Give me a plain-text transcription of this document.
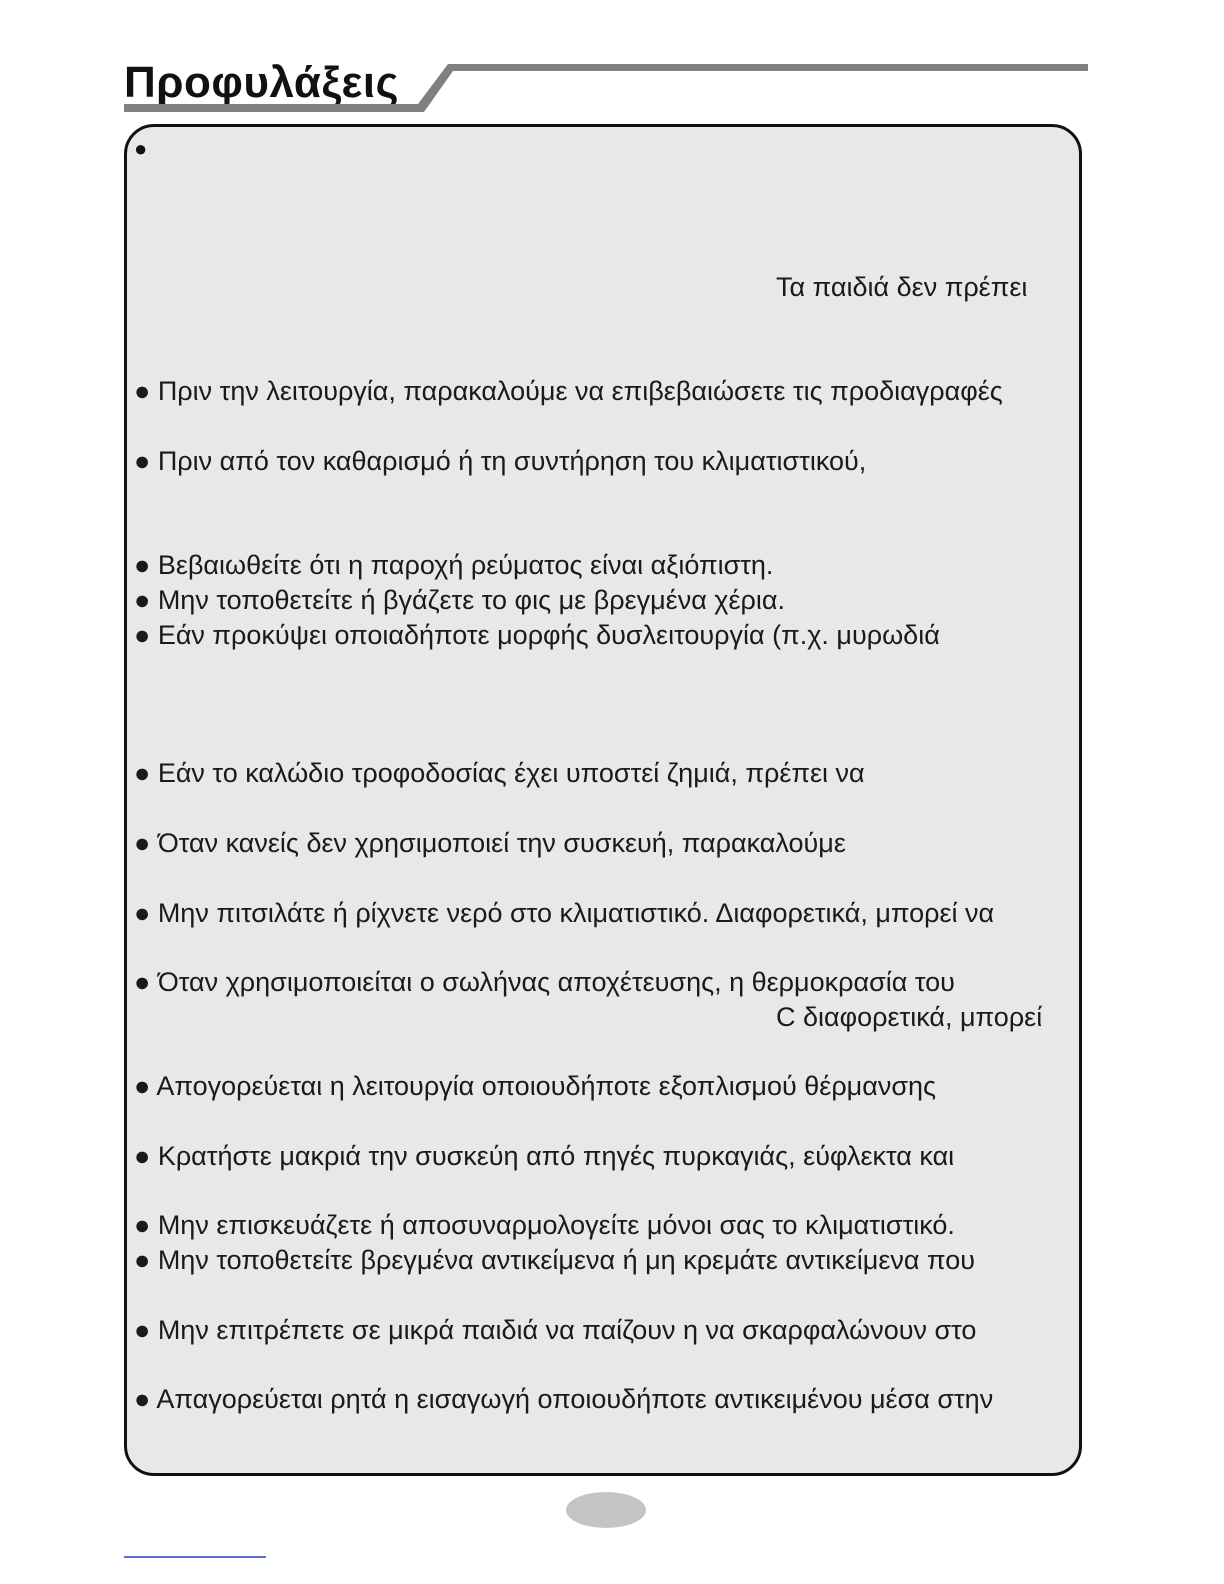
Προφυλάξεις
●
Τα παιδιά δεν πρέπει
● Πριν την λειτουργία, παρακαλούμε να επιβεβαιώσετε τις προδιαγραφές
● Πριν από τον καθαρισμό ή τη συντήρηση του κλιματιστικού,
● Βεβαιωθείτε ότι η παροχή ρεύματος είναι αξιόπιστη.
● Μην τοποθετείτε ή βγάζετε το φις με βρεγμένα χέρια.
● Εάν προκύψει οποιαδήποτε μορφής δυσλειτουργία (π.χ. μυρωδιά
● Εάν το καλώδιο τροφοδοσίας έχει υποστεί ζημιά, πρέπει να
● Όταν κανείς δεν χρησιμοποιεί την συσκευή, παρακαλούμε
● Μην πιτσιλάτε ή ρίχνετε νερό στο κλιματιστικό. Διαφορετικά, μπορεί να
● Όταν χρησιμοποιείται ο σωλήνας αποχέτευσης, η θερμοκρασία του
C διαφορετικά, μπορεί
● Απογορεύεται η λειτουργία οποιουδήποτε εξοπλισμού θέρμανσης
● Κρατήστε μακριά την συσκεύη από πηγές πυρκαγιάς, εύφλεκτα και
● Μην επισκευάζετε ή αποσυναρμολογείτε μόνοι σας το κλιματιστικό.
● Μην τοποθετείτε βρεγμένα αντικείμενα ή μη κρεμάτε αντικείμενα που
● Μην επιτρέπετε σε μικρά παιδιά να παίζουν η να σκαρφαλώνουν στο
● Απαγορεύεται ρητά η εισαγωγή οποιουδήποτε αντικειμένου μέσα στην
